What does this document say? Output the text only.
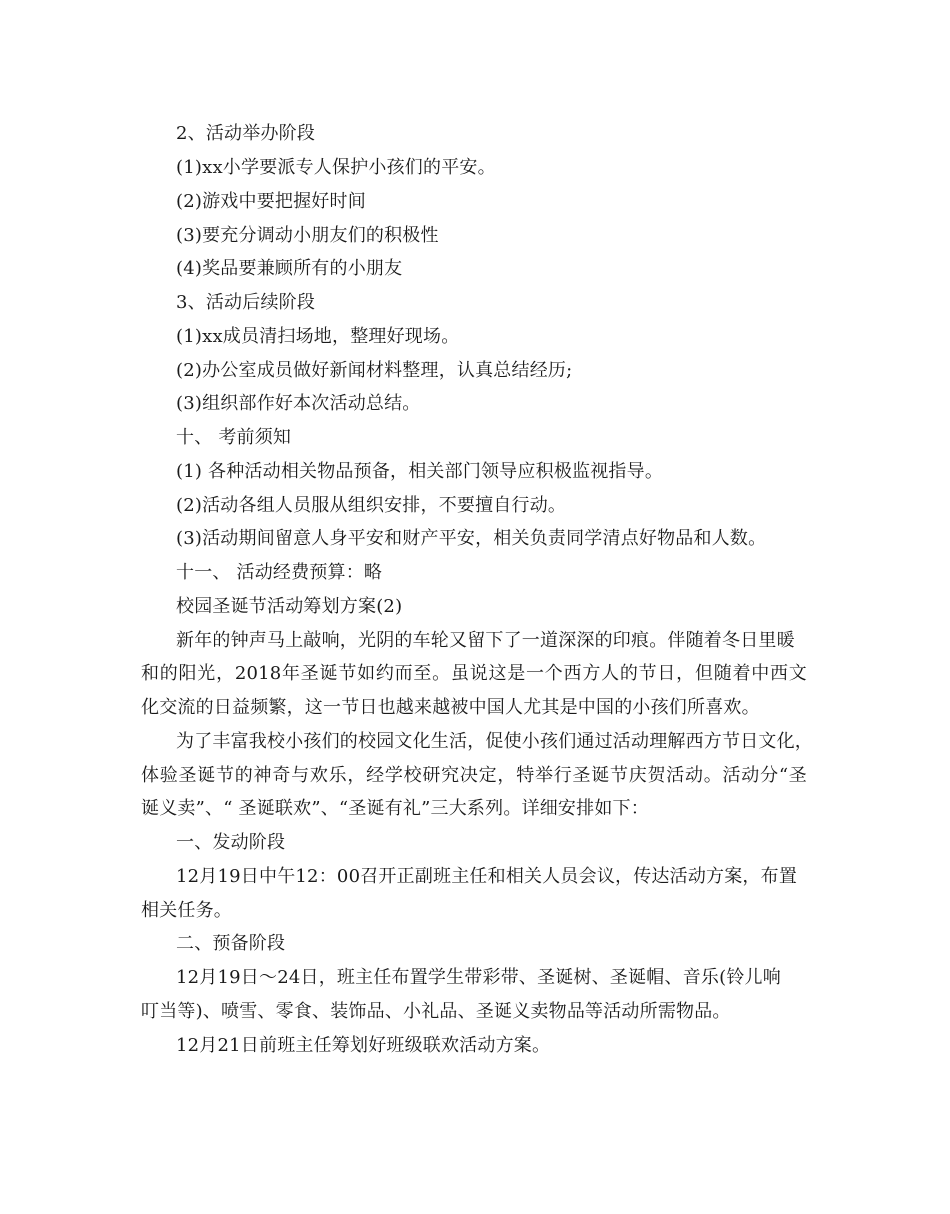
2、活动举办阶段
(1)xx小学要派专人保护小孩们的平安。
(2)游戏中要把握好时间
(3)要充分调动小朋友们的积极性
(4)奖品要兼顾所有的小朋友
3、活动后续阶段
(1)xx成员清扫场地，整理好现场。
(2)办公室成员做好新闻材料整理，认真总结经历;
(3)组织部作好本次活动总结。
十、 考前须知
(1) 各种活动相关物品预备，相关部门领导应积极监视指导。
(2)活动各组人员服从组织安排，不要擅自行动。
(3)活动期间留意人身平安和财产平安，相关负责同学清点好物品和人数。
十一、 活动经费预算：略
校园圣诞节活动筹划方案(2)
新年的钟声马上敲响，光阴的车轮又留下了一道深深的印痕。伴随着冬日里暖
和的阳光，2018年圣诞节如约而至。虽说这是一个西方人的节日，但随着中西文
化交流的日益频繁，这一节日也越来越被中国人尤其是中国的小孩们所喜欢。
为了丰富我校小孩们的校园文化生活，促使小孩们通过活动理解西方节日文化，
体验圣诞节的神奇与欢乐，经学校研究决定，特举行圣诞节庆贺活动。活动分“圣
诞义卖”、“ 圣诞联欢”、“圣诞有礼”三大系列。详细安排如下：
一、发动阶段
12月19日中午12：00召开正副班主任和相关人员会议，传达活动方案，布置
相关任务。
二、预备阶段
12月19日～24日，班主任布置学生带彩带、圣诞树、圣诞帽、音乐(铃儿响
叮当等)、喷雪、零食、装饰品、小礼品、圣诞义卖物品等活动所需物品。
12月21日前班主任筹划好班级联欢活动方案。
